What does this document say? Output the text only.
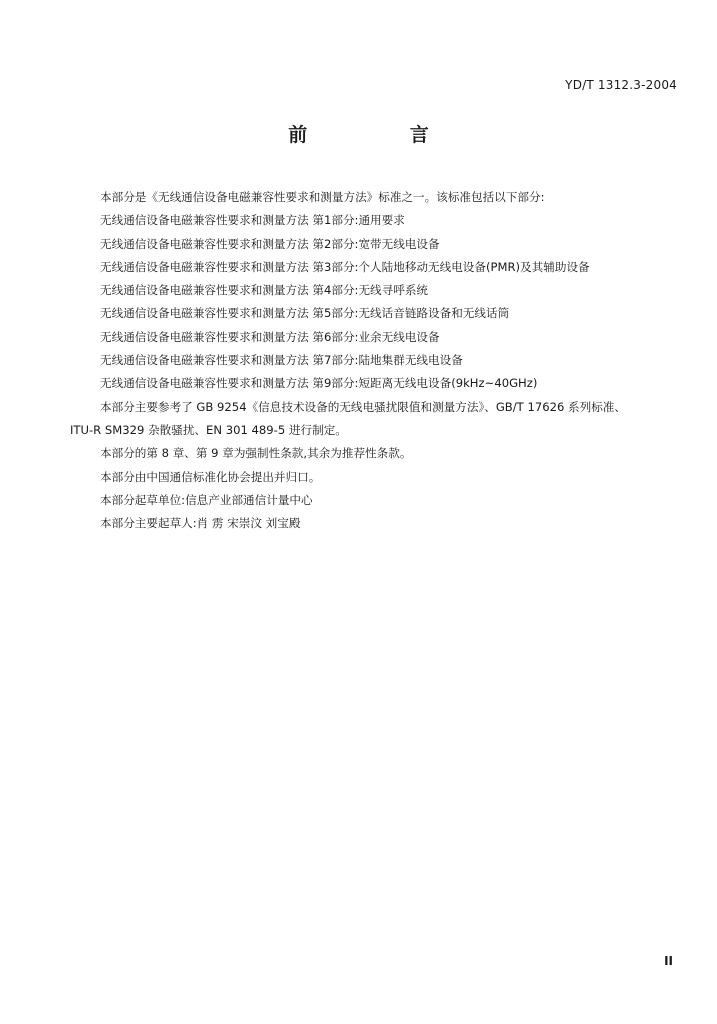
YD/T 1312.3-2004
前 言

本部分是《无线通信设备电磁兼容性要求和测量方法》标准之一。该标准包括以下部分:

无线通信设备电磁兼容性要求和测量方法 第1部分:通用要求

无线通信设备电磁兼容性要求和测量方法 第2部分:宽带无线电设备

无线通信设备电磁兼容性要求和测量方法 第3部分:个人陆地移动无线电设备(PMR)及其辅助设备

无线通信设备电磁兼容性要求和测量方法 第4部分:无线寻呼系统

无线通信设备电磁兼容性要求和测量方法 第5部分:无线话音链路设备和无线话筒

无线通信设备电磁兼容性要求和测量方法 第6部分:业余无线电设备

无线通信设备电磁兼容性要求和测量方法 第7部分:陆地集群无线电设备

无线通信设备电磁兼容性要求和测量方法 第9部分:短距离无线电设备(9kHz~40GHz)

本部分主要参考了 GB 9254《信息技术设备的无线电骚扰限值和测量方法》、GB/T 17626 系列标准、
ITU-R SM329 杂散骚扰、EN 301 489-5 进行制定。

本部分的第 8 章、第 9 章为强制性条款,其余为推荐性条款。

本部分由中国通信标准化协会提出并归口。

本部分起草单位:信息产业部通信计量中心

本部分主要起草人:肖 雳 宋崇汶 刘宝殿

II
